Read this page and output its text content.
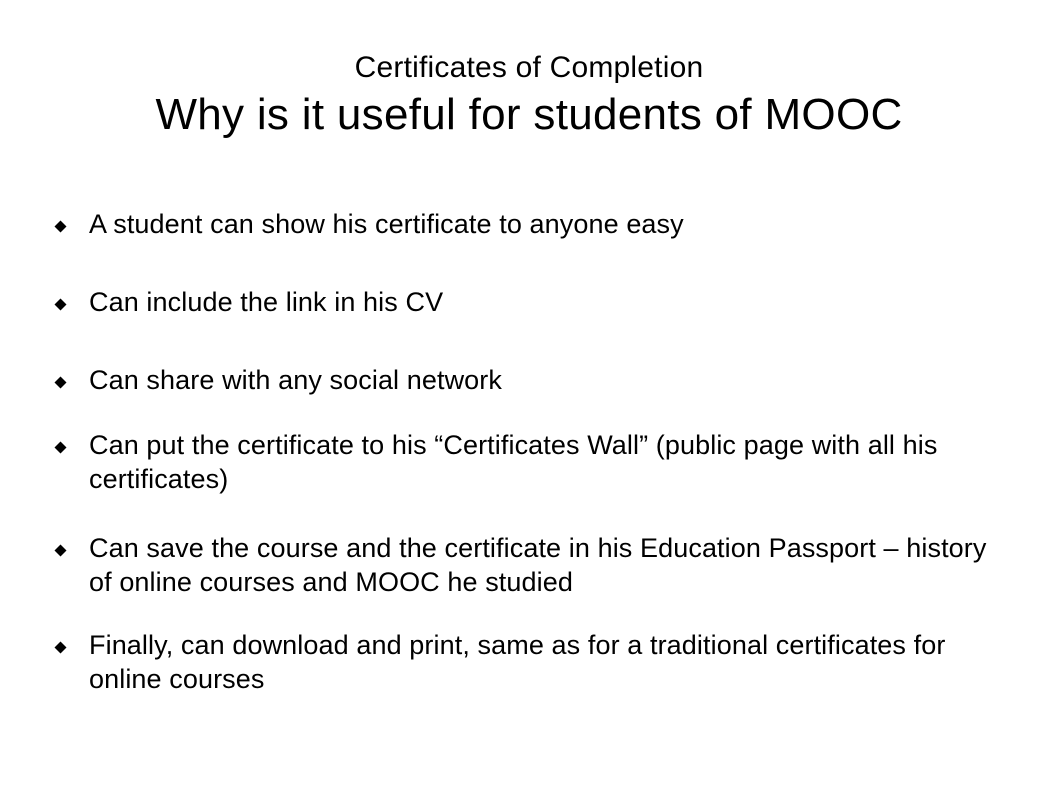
Certificates of Completion
Why is it useful for students of MOOC
A student can show his certificate to anyone easy
Can include the link in his CV
Can share with any social network
Can put the certificate to his “Certificates Wall” (public page with all his certificates)
Can save the course and the certificate in his Education Passport – history of online courses and MOOC he studied
Finally, can download and print, same as for a traditional certificates for online courses
